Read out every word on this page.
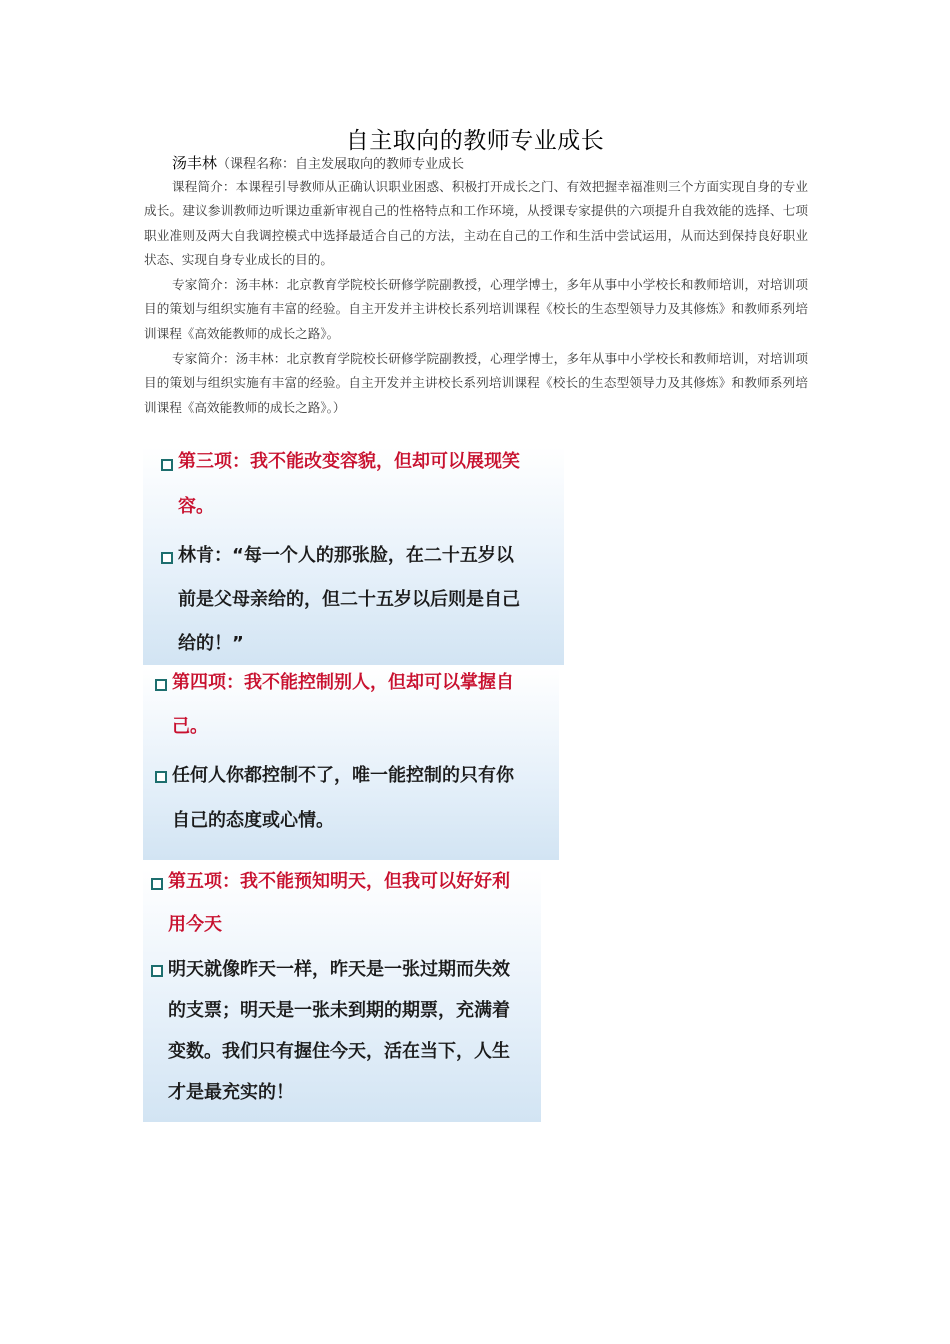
自主取向的教师专业成长
汤丰林（课程名称：自主发展取向的教师专业成长

课程简介：本课程引导教师从正确认识职业困惑、积极打开成长之门、有效把握幸福准则三个方面实现自身的专业成长。建议参训教师边听课边重新审视自己的性格特点和工作环境，从授课专家提供的六项提升自我效能的选择、七项职业准则及两大自我调控模式中选择最适合自己的方法，主动在自己的工作和生活中尝试运用，从而达到保持良好职业状态、实现自身专业成长的目的。

专家简介：汤丰林：北京教育学院校长研修学院副教授，心理学博士，多年从事中小学校长和教师培训，对培训项目的策划与组织实施有丰富的经验。自主开发并主讲校长系列培训课程《校长的生态型领导力及其修炼》和教师系列培训课程《高效能教师的成长之路》。

专家简介：汤丰林：北京教育学院校长研修学院副教授，心理学博士，多年从事中小学校长和教师培训，对培训项目的策划与组织实施有丰富的经验。自主开发并主讲校长系列培训课程《校长的生态型领导力及其修炼》和教师系列培训课程《高效能教师的成长之路》。）

第三项：我不能改变容貌，但却可以展现笑
容。
林肯：“每一个人的那张脸，在二十五岁以
前是父母亲给的，但二十五岁以后则是自己
给的！”
第四项：我不能控制别人，但却可以掌握自
己。
任何人你都控制不了，唯一能控制的只有你
自己的态度或心情。
第五项：我不能预知明天，但我可以好好利
用今天
明天就像昨天一样，昨天是一张过期而失效
的支票；明天是一张未到期的期票，充满着
变数。我们只有握住今天，活在当下，人生
才是最充实的！
